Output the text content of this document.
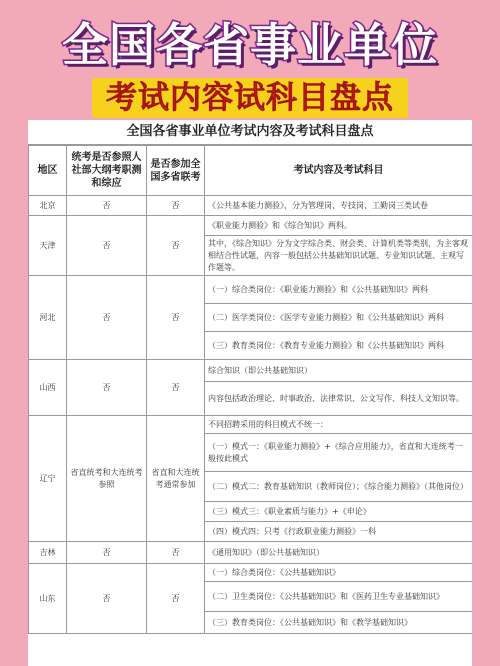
全国各省事业单位
考试内容试科目盘点
全国各省事业单位考试内容及考试科目盘点
地区	统考是否参照人社部大纲考职测和综应	是否参加全国多省联考	考试内容及考试科目
北京	否	否	《公共基本能力测验》，分为管理岗、专技岗、工勤岗三类试卷
天津	否	否	《职业能力测验》和《综合知识》两科。
			其中，《综合知识》分为文字综合类、财会类、计算机类等类别，为主客观相结合性试题，内容一般包括公共基础知识试题、专业知识试题、主观写作题等。
河北	否	否	（一）综合类岗位：《职业能力测验》和《公共基础知识》两科
			（二）医学类岗位：《医学专业能力测验》和《公共基础知识》两科
			（三）教育类岗位：《教育专业能力测验》和《公共基础知识》两科
山西	否	否	综合知识（即公共基础知识）
			内容包括政治理论、时事政治、法律常识、公文写作、科技人文知识等。
辽宁	省直统考和大连统考参照	省直和大连统考通常参加	不同招聘采用的科目模式不统一：
			（一）模式一：《职业能力测验》+《综合应用能力》，省直和大连统考一般按此模式
			（二）模式二：教育基础知识（教师岗位）；《综合能力测验》（其他岗位）
			（三）模式三：《职业素质与能力》+《申论》
			（四）模式四：只考《行政职业能力测验》一科
吉林	否	否	《通用知识》（即公共基础知识）
山东	否	否	（一）综合类岗位：《公共基础知识》
			（二）卫生类岗位：《公共基础知识》和《医药卫生专业基础知识》
			（三）教育类岗位：《公共基础知识》和《教学基础知识》
